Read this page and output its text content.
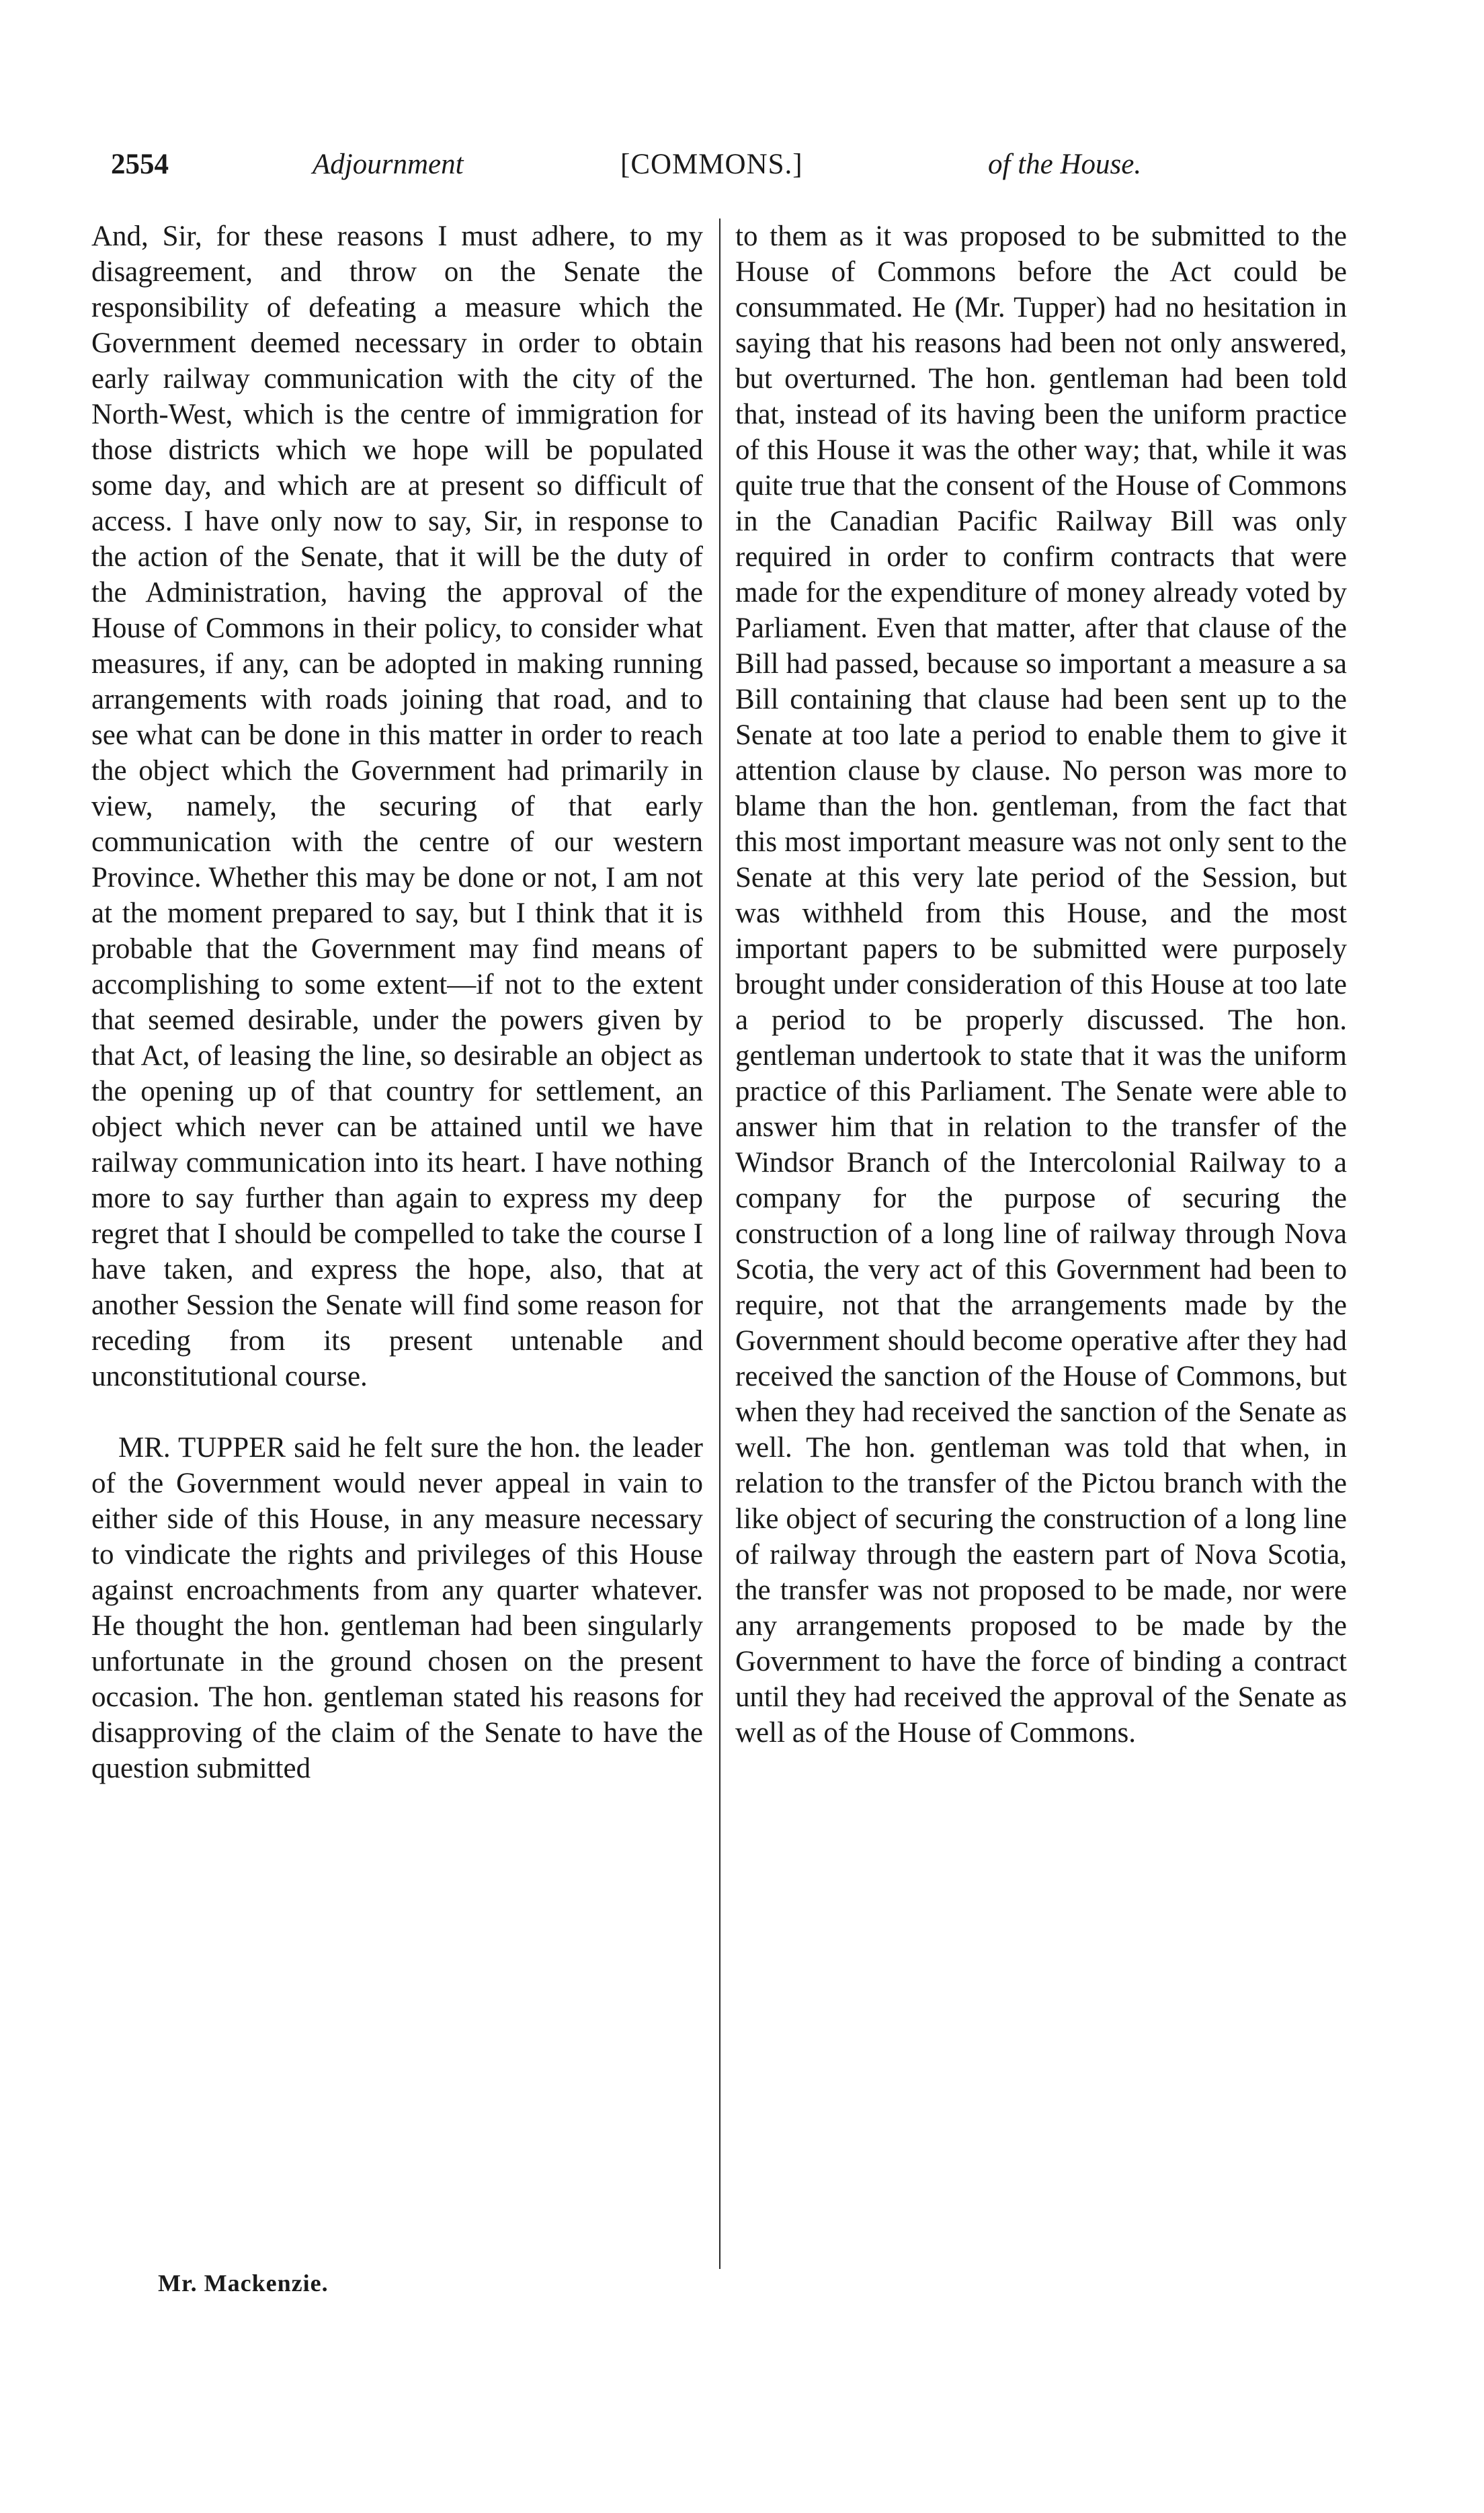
2554	Adjournment	[COMMONS.]	of the House.

And, Sir, for these reasons I must adhere, to my disagreement, and throw on the Senate the responsibility of defeating a measure which the Government deemed necessary in order to obtain early railway communication with the city of the North-West, which is the centre of immigration for those districts which we hope will be populated some day, and which are at present so difficult of access. I have only now to say, Sir, in response to the action of the Senate, that it will be the duty of the Administration, having the approval of the House of Commons in their policy, to consider what measures, if any, can be adopted in making running arrangements with roads joining that road, and to see what can be done in this matter in order to reach the object which the Government had primarily in view, namely, the securing of that early communication with the centre of our western Province. Whether this may be done or not, I am not at the moment prepared to say, but I think that it is probable that the Government may find means of accomplishing to some extent—if not to the extent that seemed desirable, under the powers given by that Act, of leasing the line, so desirable an object as the opening up of that country for settlement, an object which never can be attained until we have railway communication into its heart. I have nothing more to say further than again to express my deep regret that I should be compelled to take the course I have taken, and express the hope, also, that at another Session the Senate will find some reason for receding from its present untenable and unconstitutional course.

MR. TUPPER said he felt sure the hon. the leader of the Government would never appeal in vain to either side of this House, in any measure necessary to vindicate the rights and privileges of this House against encroachments from any quarter whatever. He thought the hon. gentleman had been singularly unfortunate in the ground chosen on the present occasion. The hon. gentleman stated his reasons for disapproving of the claim of the Senate to have the question submitted

to them as it was proposed to be submitted to the House of Commons before the Act could be consummated. He (Mr. Tupper) had no hesitation in saying that his reasons had been not only answered, but overturned. The hon. gentleman had been told that, instead of its having been the uniform practice of this House it was the other way; that, while it was quite true that the consent of the House of Commons in the Canadian Pacific Railway Bill was only required in order to confirm contracts that were made for the expenditure of money already voted by Parliament. Even that matter, after that clause of the Bill had passed, because so important a measure a sa Bill containing that clause had been sent up to the Senate at too late a period to enable them to give it attention clause by clause. No person was more to blame than the hon. gentleman, from the fact that this most important measure was not only sent to the Senate at this very late period of the Session, but was withheld from this House, and the most important papers to be submitted were purposely brought under consideration of this House at too late a period to be properly discussed. The hon. gentleman undertook to state that it was the uniform practice of this Parliament. The Senate were able to answer him that in relation to the transfer of the Windsor Branch of the Intercolonial Railway to a company for the purpose of securing the construction of a long line of railway through Nova Scotia, the very act of this Government had been to require, not that the arrangements made by the Government should become operative after they had received the sanction of the House of Commons, but when they had received the sanction of the Senate as well. The hon. gentleman was told that when, in relation to the transfer of the Pictou branch with the like object of securing the construction of a long line of railway through the eastern part of Nova Scotia, the transfer was not proposed to be made, nor were any arrangements proposed to be made by the Government to have the force of binding a contract until they had received the approval of the Senate as well as of the House of Commons.

Mr. Mackenzie.
